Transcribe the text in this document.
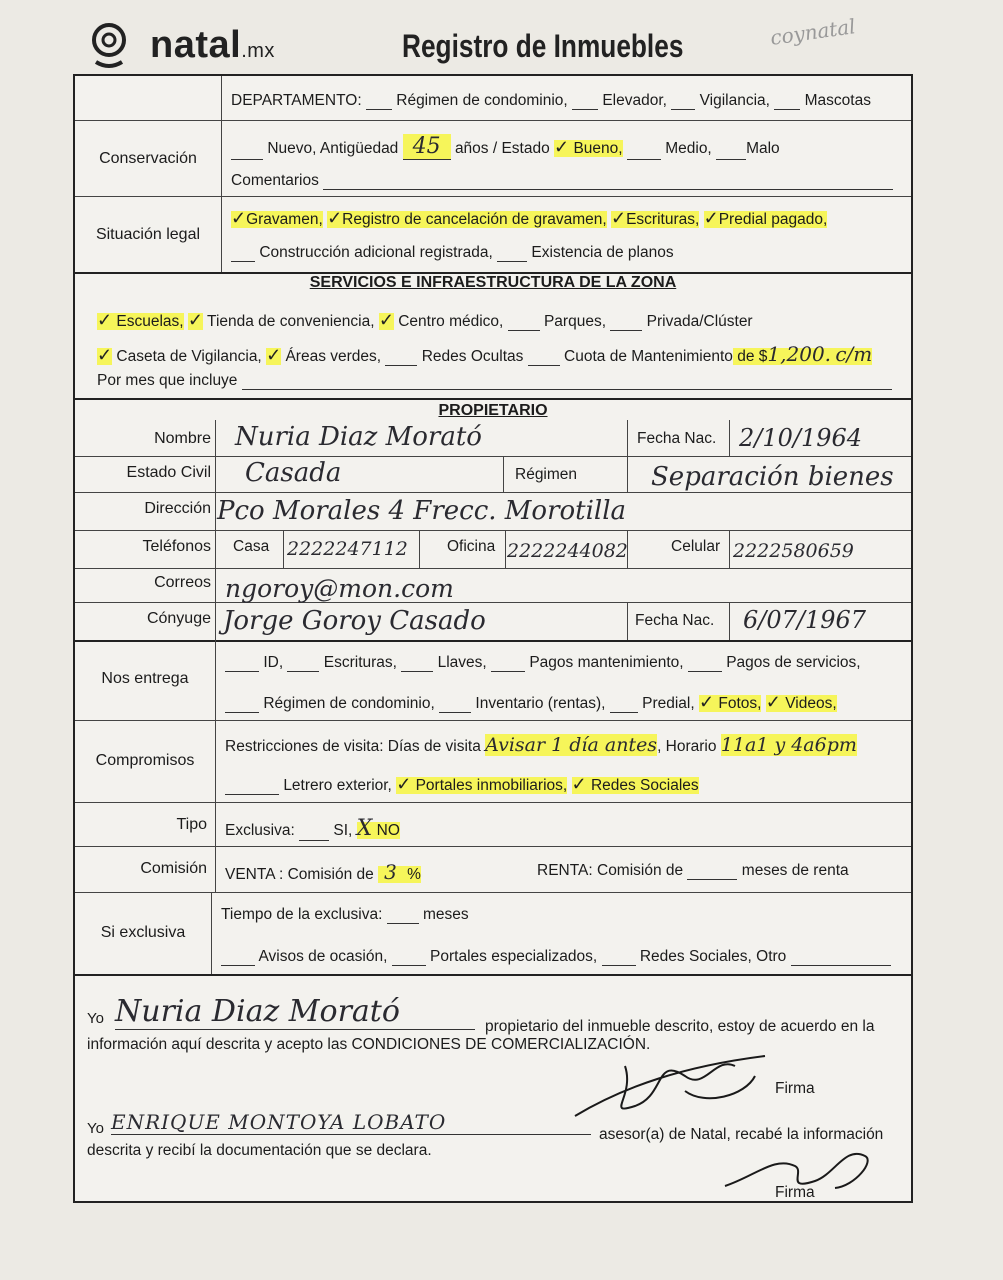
natal.mx	Registro de Inmuebles	coynatal
DEPARTAMENTO: Régimen de condominio, Elevador, Vigilancia, Mascotas
Conservación
Nuevo, Antigüedad 45 años / Estado ✓ Bueno,	Medio, Malo
Comentarios
Situación legal
✓Gravamen, ✓Registro de cancelación de gravamen, ✓Escrituras, ✓Predial pagado,
Construcción adicional registrada, Existencia de planos
SERVICIOS E INFRAESTRUCTURA DE LA ZONA
✓ Escuelas, ✓ Tienda de conveniencia, ✓ Centro médico,	Parques,	Privada/Clúster
✓ Caseta de Vigilancia, ✓ Áreas verdes,	Redes Ocultas	Cuota de Mantenimiento de $1,200. c/m
Por mes que incluye
PROPIETARIO
Nombre Nuria Diaz Morató	Fecha Nac. 2/10/1964
Estado Civil Casada	Régimen	Separación bienes
Dirección Pco Morales 4 Frecc. Morotilla
Teléfonos Casa 2222247112	Oficina 2222244082	Celular 2222580659
Correos ngoroy@mon.com
Cónyuge Jorge Goroy Casado	Fecha Nac. 6/07/1967
Nos entrega
ID,	Escrituras,	Llaves,	Pagos mantenimiento,	Pagos de servicios,
Régimen de condominio,	Inventario (rentas), Predial, ✓ Fotos, ✓ Videos,
Compromisos
Restricciones de visita: Días de visita Avisar 1 día antes, Horario 11a1 y 4a6pm
Letrero exterior, ✓ Portales inmobiliarios, ✓ Redes Sociales
Tipo Exclusiva: SI, X NO
Comisión VENTA : Comisión de 3 %	RENTA: Comisión de	meses de renta
Si exclusiva
Tiempo de la exclusiva:	meses
Avisos de ocasión,	Portales especializados,	Redes Sociales, Otro
Yo Nuria Diaz Morató	propietario del inmueble descrito, estoy de acuerdo en la
información aquí descrita y acepto las CONDICIONES DE COMERCIALIZACIÓN.
Firma
Yo ENRIQUE MONTOYA LOBATO
asesor(a) de Natal, recabé la información
descrita y recibí la documentación que se declara.
Firma
